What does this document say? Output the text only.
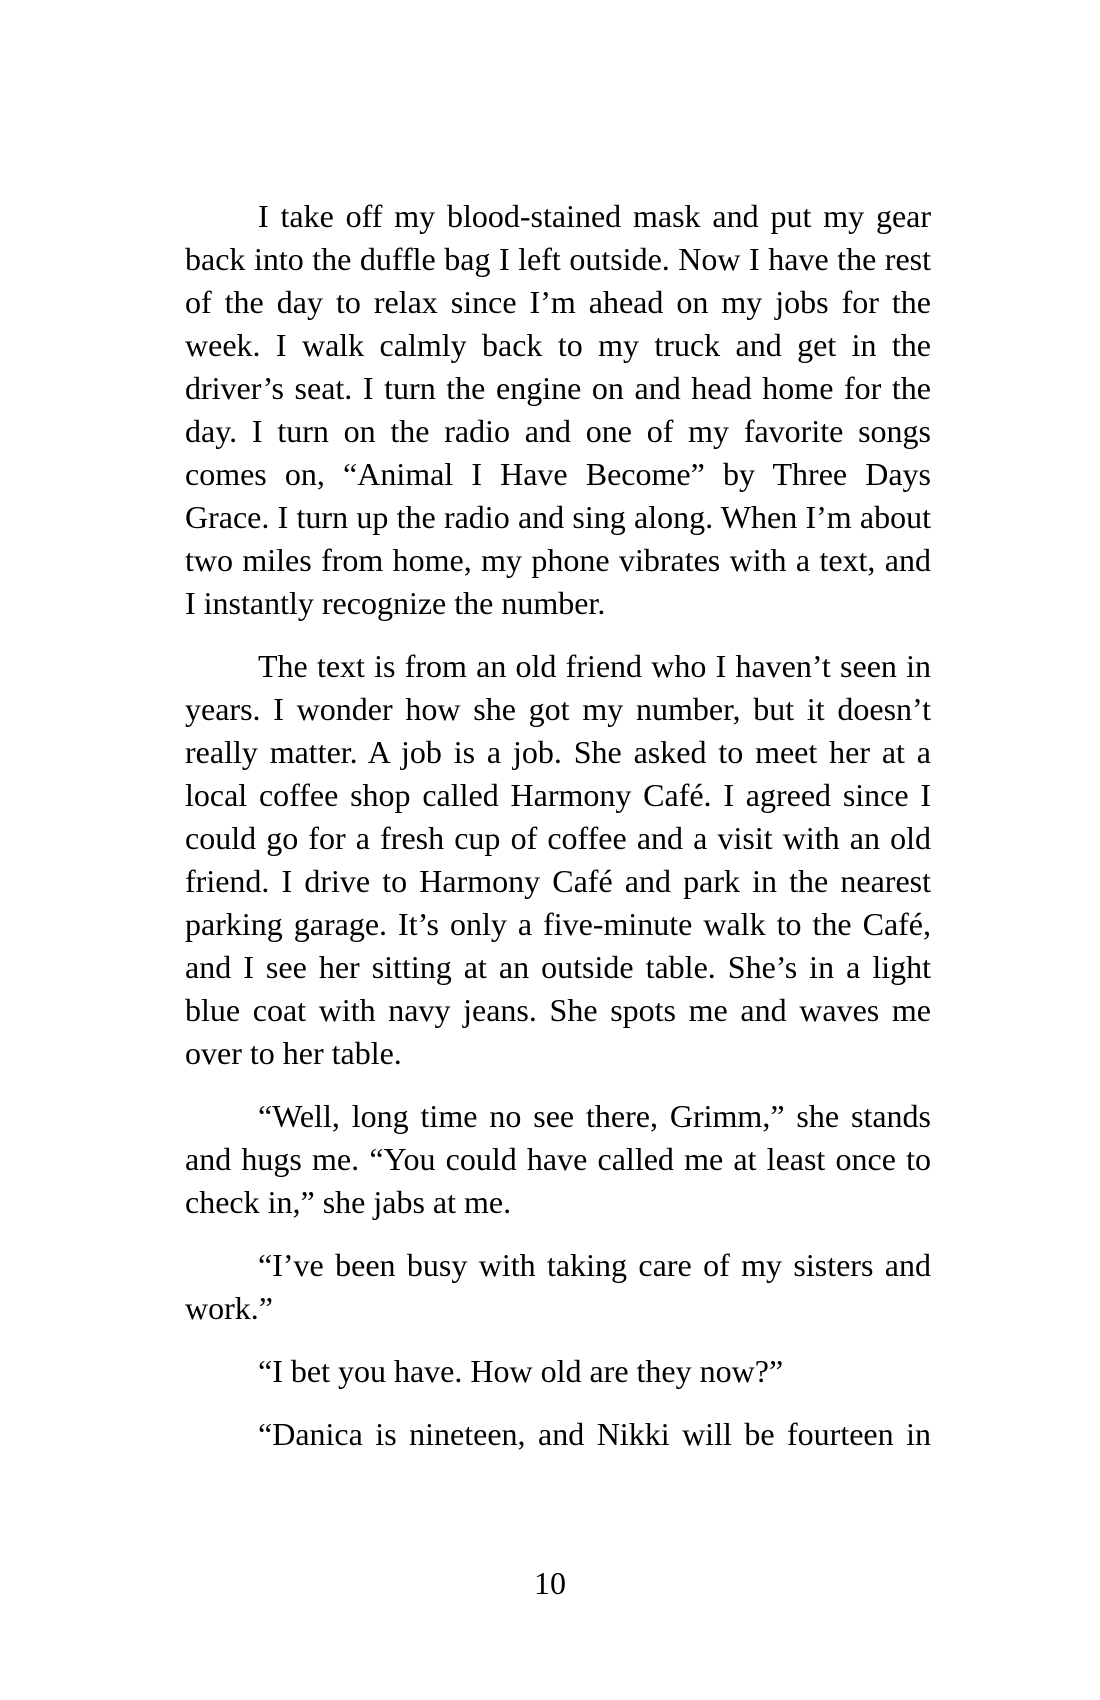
I take off my blood-stained mask and put my gear
back into the duffle bag I left outside. Now I have the rest
of the day to relax since I’m ahead on my jobs for the
week. I walk calmly back to my truck and get in the
driver’s seat. I turn the engine on and head home for the
day. I turn on the radio and one of my favorite songs
comes on, “Animal I Have Become” by Three Days
Grace. I turn up the radio and sing along. When I’m about
two miles from home, my phone vibrates with a text, and
I instantly recognize the number.

The text is from an old friend who I haven’t seen in
years. I wonder how she got my number, but it doesn’t
really matter. A job is a job. She asked to meet her at a
local coffee shop called Harmony Café. I agreed since I
could go for a fresh cup of coffee and a visit with an old
friend. I drive to Harmony Café and park in the nearest
parking garage. It’s only a five-minute walk to the Café,
and I see her sitting at an outside table. She’s in a light
blue coat with navy jeans. She spots me and waves me
over to her table.

“Well, long time no see there, Grimm,” she stands
and hugs me. “You could have called me at least once to
check in,” she jabs at me.

“I’ve been busy with taking care of my sisters and
work.”

“I bet you have. How old are they now?”

“Danica is nineteen, and Nikki will be fourteen in

10
